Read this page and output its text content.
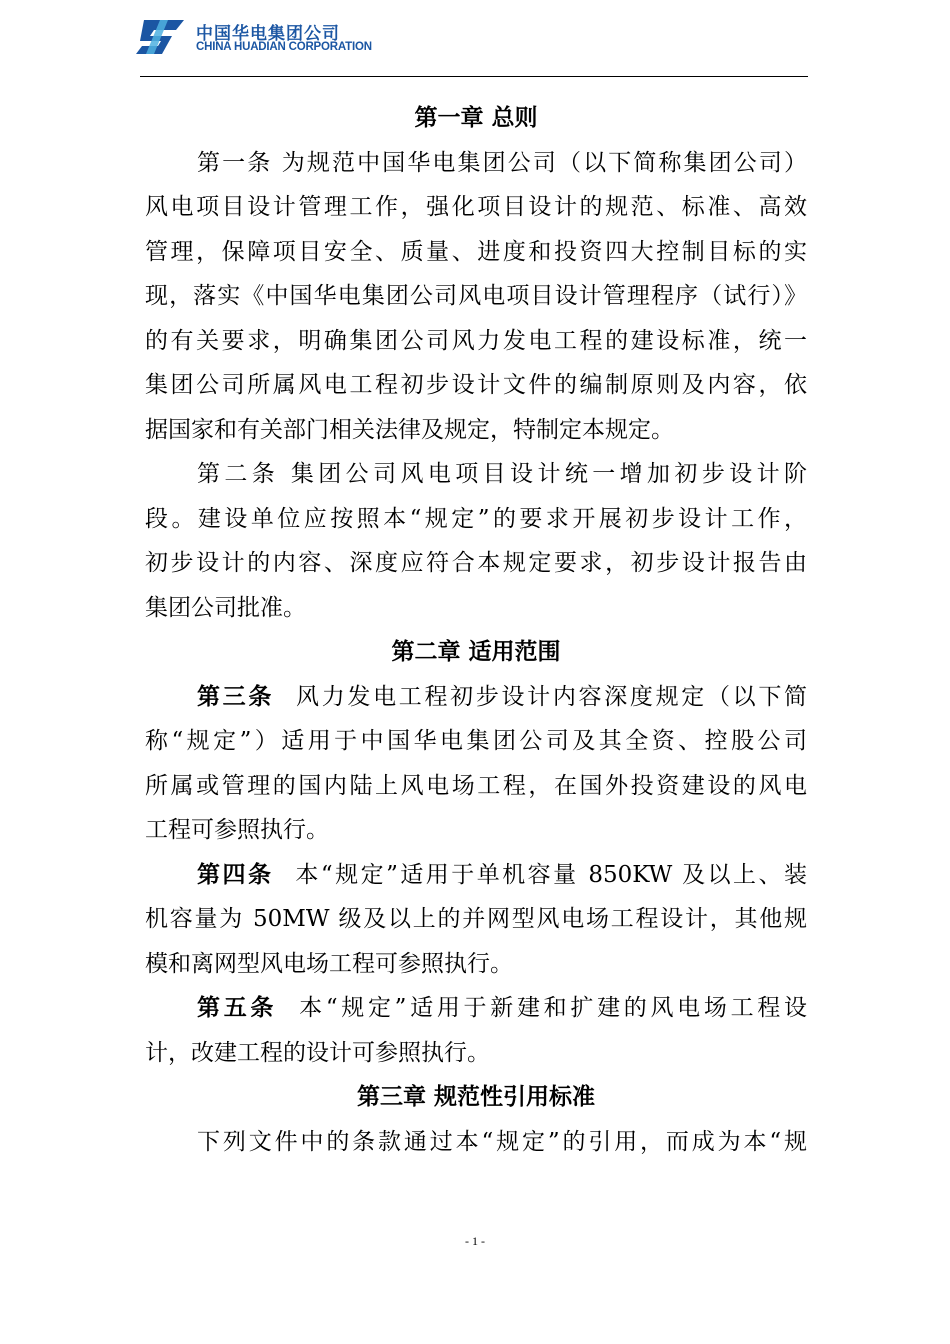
中国华电集团公司
CHINA HUADIAN CORPORATION
第一章 总则
第一条 为规范中国华电集团公司（以下简称集团公司）
风电项目设计管理工作，强化项目设计的规范、标准、高效
管理，保障项目安全、质量、进度和投资四大控制目标的实
现，落实《中国华电集团公司风电项目设计管理程序（试行）》
的有关要求，明确集团公司风力发电工程的建设标准，统一
集团公司所属风电工程初步设计文件的编制原则及内容，依
据国家和有关部门相关法律及规定，特制定本规定。
第二条 集团公司风电项目设计统一增加初步设计阶
段。建设单位应按照本“规定”的要求开展初步设计工作，
初步设计的内容、深度应符合本规定要求，初步设计报告由
集团公司批准。
第二章 适用范围
第三条 风力发电工程初步设计内容深度规定（以下简
称“规定”）适用于中国华电集团公司及其全资、控股公司
所属或管理的国内陆上风电场工程，在国外投资建设的风电
工程可参照执行。
第四条 本“规定”适用于单机容量 850KW 及以上、装
机容量为 50MW 级及以上的并网型风电场工程设计，其他规
模和离网型风电场工程可参照执行。
第五条 本“规定”适用于新建和扩建的风电场工程设
计，改建工程的设计可参照执行。
第三章 规范性引用标准
下列文件中的条款通过本“规定”的引用，而成为本“规
- 1 -
